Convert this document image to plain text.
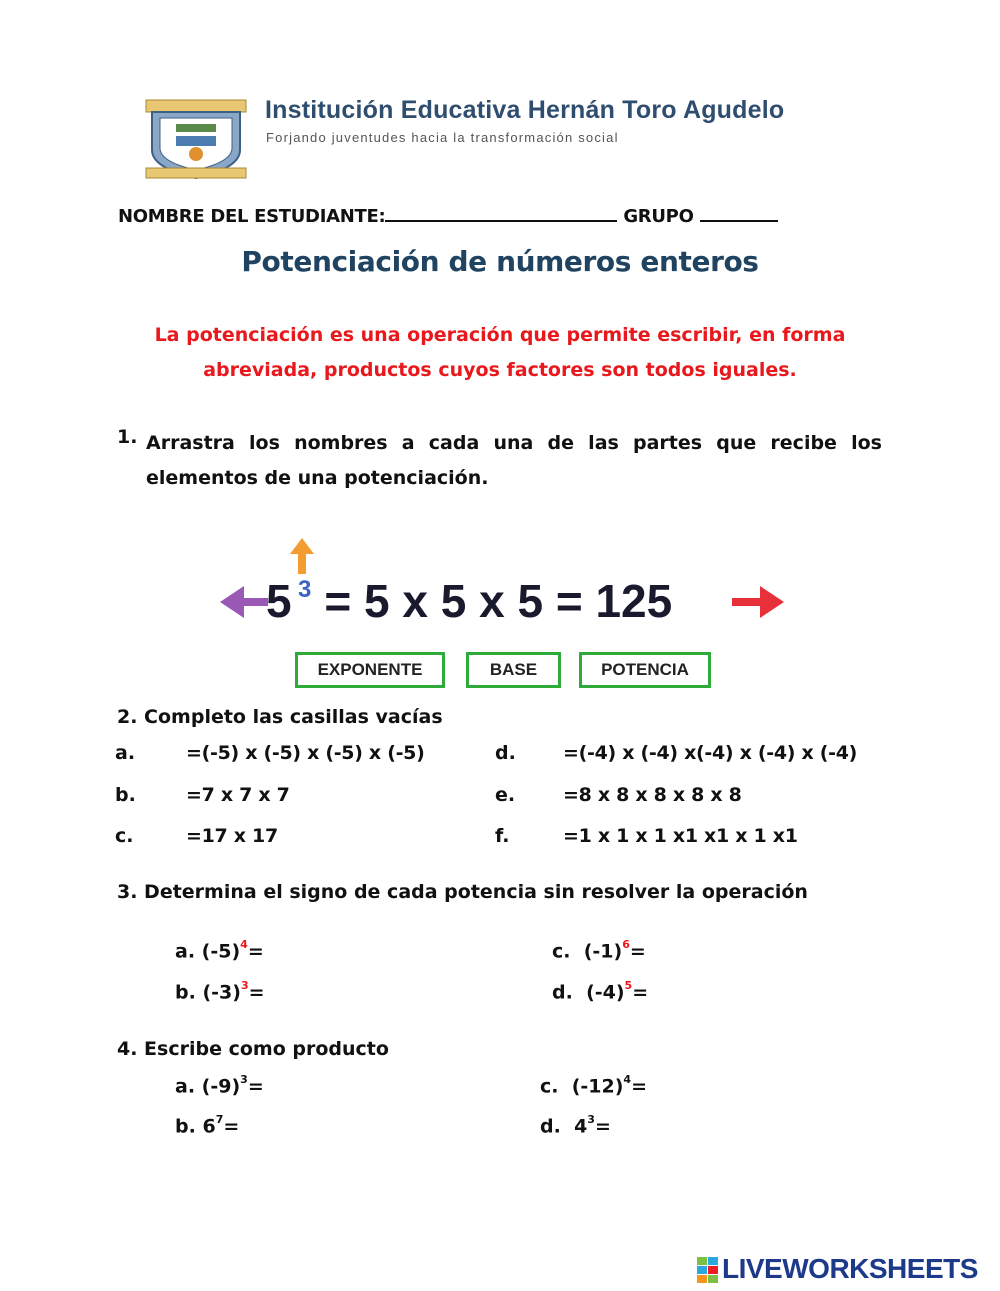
Institución Educativa Hernán Toro Agudelo
Forjando juventudes hacia la transformación social
NOMBRE DEL ESTUDIANTE:	GRUPO
Potenciación de números enteros
La potenciación es una operación que permite escribir, en forma
abreviada, productos cuyos factores son todos iguales.
1. Arrastra los nombres a cada una de las partes que recibe los
elementos de una potenciación.
5 = 5 x 5 x 5 = 125
3
EXPONENTE	BASE	POTENCIA
2. Completo las casillas vacías
a.	=(-5) x (-5) x (-5) x (-5)
b.	=7 x 7 x 7
c.	=17 x 17
d. =(-4) x (-4) x(-4) x (-4) x (-4)
e.	=8 x 8 x 8 x 8 x 8
f.	=1 x 1 x 1 x1 x1 x 1 x1
3. Determina el signo de cada potencia sin resolver la operación
a. $(-5)^4=$
b. $(-3)^3=$
c. $(-1)^6=$
d. $(-4)^5=$
4. Escribe como producto
a. $(-9)^3=$
b. $6^7=$
c. $(-12)^4=$
d. $4^3=$
LIVEWORKSHEETS
